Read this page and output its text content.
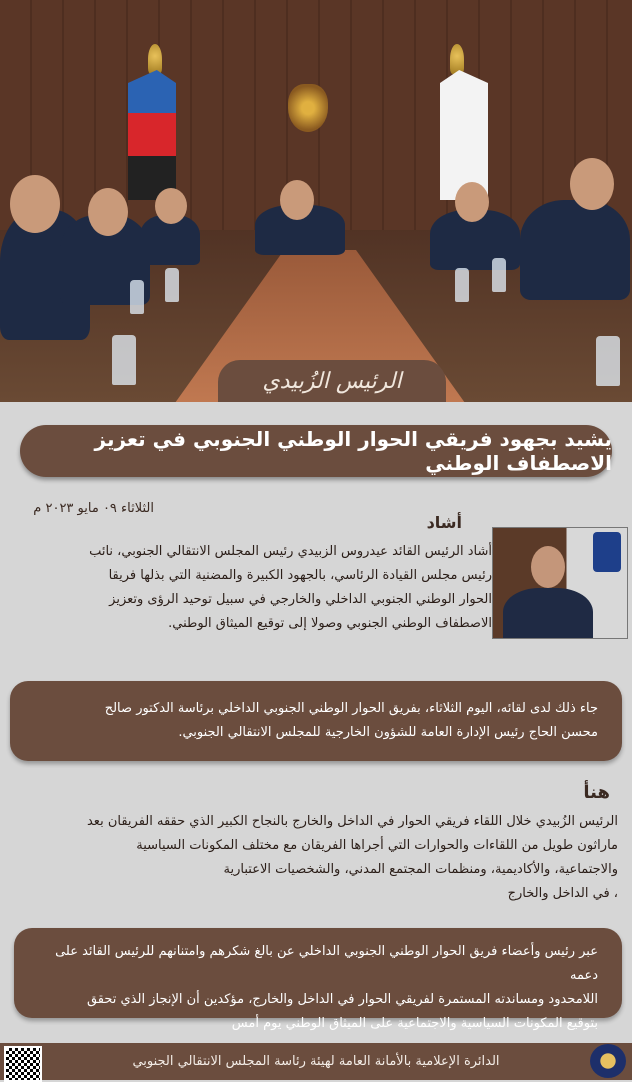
الرئيس الزُبيدي
يشيد بجهود فريقي الحوار الوطني الجنوبي في تعزيز الاصطفاف الوطني
الثلاثاء ٠٩ مايو ٢٠٢٣ م
أشاد
أشاد الرئيس القائد عيدروس الزبيدي رئيس المجلس الانتقالي الجنوبي، نائب
رئيس مجلس القيادة الرئاسي، بالجهود الكبيرة والمضنية التي بذلها فريقا
الحوار الوطني الجنوبي الداخلي والخارجي في سبيل توحيد الرؤى وتعزيز
الاصطفاف الوطني الجنوبي وصولا إلى توقيع الميثاق الوطني.
جاء ذلك لدى لقائه، اليوم الثلاثاء، بفريق الحوار الوطني الجنوبي الداخلي برئاسة الدكتور صالح
محسن الحاج رئيس الإدارة العامة للشؤون الخارجية للمجلس الانتقالي الجنوبي.
هنأ
الرئيس الزُبيدي خلال اللقاء فريقي الحوار في الداخل والخارج بالنجاح الكبير الذي حققه الفريقان بعد
ماراثون طويل من اللقاءات والحوارات التي أجراها الفريقان مع مختلف المكونات السياسية
والاجتماعية، والأكاديمية، ومنظمات المجتمع المدني، والشخصيات الاعتبارية
، في الداخل والخارج
عبر رئيس وأعضاء فريق الحوار الوطني الجنوبي الداخلي عن بالغ شكرهم وامتنانهم للرئيس القائد على دعمه
اللامحدود ومساندته المستمرة لفريقي الحوار في الداخل والخارج، مؤكدين أن الإنجاز الذي تحقق
بتوقيع المكونات السياسية والاجتماعية على الميثاق الوطني يوم أمس
الدائرة الإعلامية بالأمانة العامة لهيئة رئاسة المجلس الانتقالي الجنوبي
